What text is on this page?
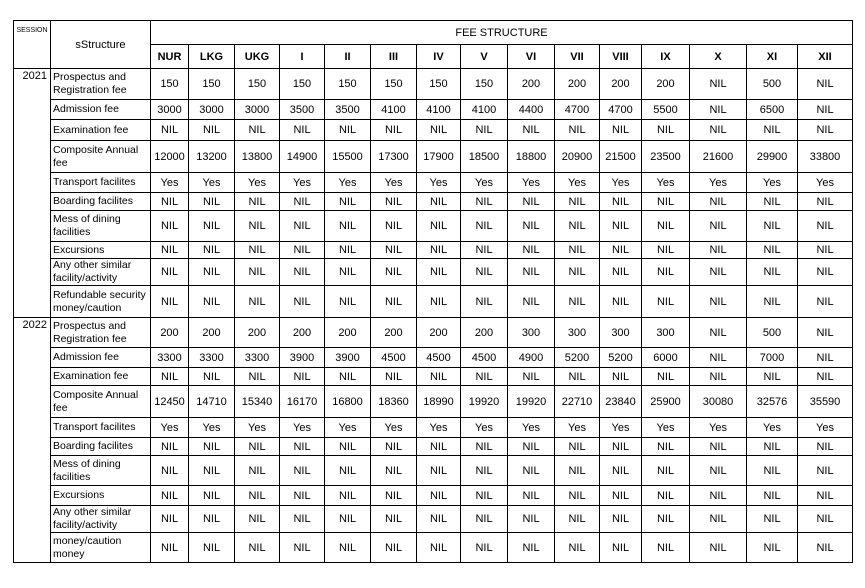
SESSION	sStructure	FEE STRUCTURE														
		NUR	LKG	UKG	I	II	III	IV	V	VI	VII	VIII	IX	X	XI	XII
2021	Prospectus and Registration fee	150	150	150	150	150	150	150	150	200	200	200	200	NIL	500	NIL
	Admission fee	3000	3000	3000	3500	3500	4100	4100	4100	4400	4700	4700	5500	NIL	6500	NIL
	Examination fee	NIL	NIL	NIL	NIL	NIL	NIL	NIL	NIL	NIL	NIL	NIL	NIL	NIL	NIL	NIL
	Composite Annual fee	12000	13200	13800	14900	15500	17300	17900	18500	18800	20900	21500	23500	21600	29900	33800
	Transport facilites	Yes	Yes	Yes	Yes	Yes	Yes	Yes	Yes	Yes	Yes	Yes	Yes	Yes	Yes	Yes
	Boarding facilites	NIL	NIL	NIL	NIL	NIL	NIL	NIL	NIL	NIL	NIL	NIL	NIL	NIL	NIL	NIL
	Mess of dining facilities	NIL	NIL	NIL	NIL	NIL	NIL	NIL	NIL	NIL	NIL	NIL	NIL	NIL	NIL	NIL
	Excursions	NIL	NIL	NIL	NIL	NIL	NIL	NIL	NIL	NIL	NIL	NIL	NIL	NIL	NIL	NIL
	Any other similar facility/activity	NIL	NIL	NIL	NIL	NIL	NIL	NIL	NIL	NIL	NIL	NIL	NIL	NIL	NIL	NIL
	Refundable security money/caution	NIL	NIL	NIL	NIL	NIL	NIL	NIL	NIL	NIL	NIL	NIL	NIL	NIL	NIL	NIL
2022	Prospectus and Registration fee	200	200	200	200	200	200	200	200	300	300	300	300	NIL	500	NIL
	Admission fee	3300	3300	3300	3900	3900	4500	4500	4500	4900	5200	5200	6000	NIL	7000	NIL
	Examination fee	NIL	NIL	NIL	NIL	NIL	NIL	NIL	NIL	NIL	NIL	NIL	NIL	NIL	NIL	NIL
	Composite Annual fee	12450	14710	15340	16170	16800	18360	18990	19920	19920	22710	23840	25900	30080	32576	35590
	Transport facilites	Yes	Yes	Yes	Yes	Yes	Yes	Yes	Yes	Yes	Yes	Yes	Yes	Yes	Yes	Yes
	Boarding facilites	NIL	NIL	NIL	NIL	NIL	NIL	NIL	NIL	NIL	NIL	NIL	NIL	NIL	NIL	NIL
	Mess of dining facilities	NIL	NIL	NIL	NIL	NIL	NIL	NIL	NIL	NIL	NIL	NIL	NIL	NIL	NIL	NIL
	Excursions	NIL	NIL	NIL	NIL	NIL	NIL	NIL	NIL	NIL	NIL	NIL	NIL	NIL	NIL	NIL
	Any other similar facility/activity	NIL	NIL	NIL	NIL	NIL	NIL	NIL	NIL	NIL	NIL	NIL	NIL	NIL	NIL	NIL
	money/caution money	NIL	NIL	NIL	NIL	NIL	NIL	NIL	NIL	NIL	NIL	NIL	NIL	NIL	NIL	NIL
